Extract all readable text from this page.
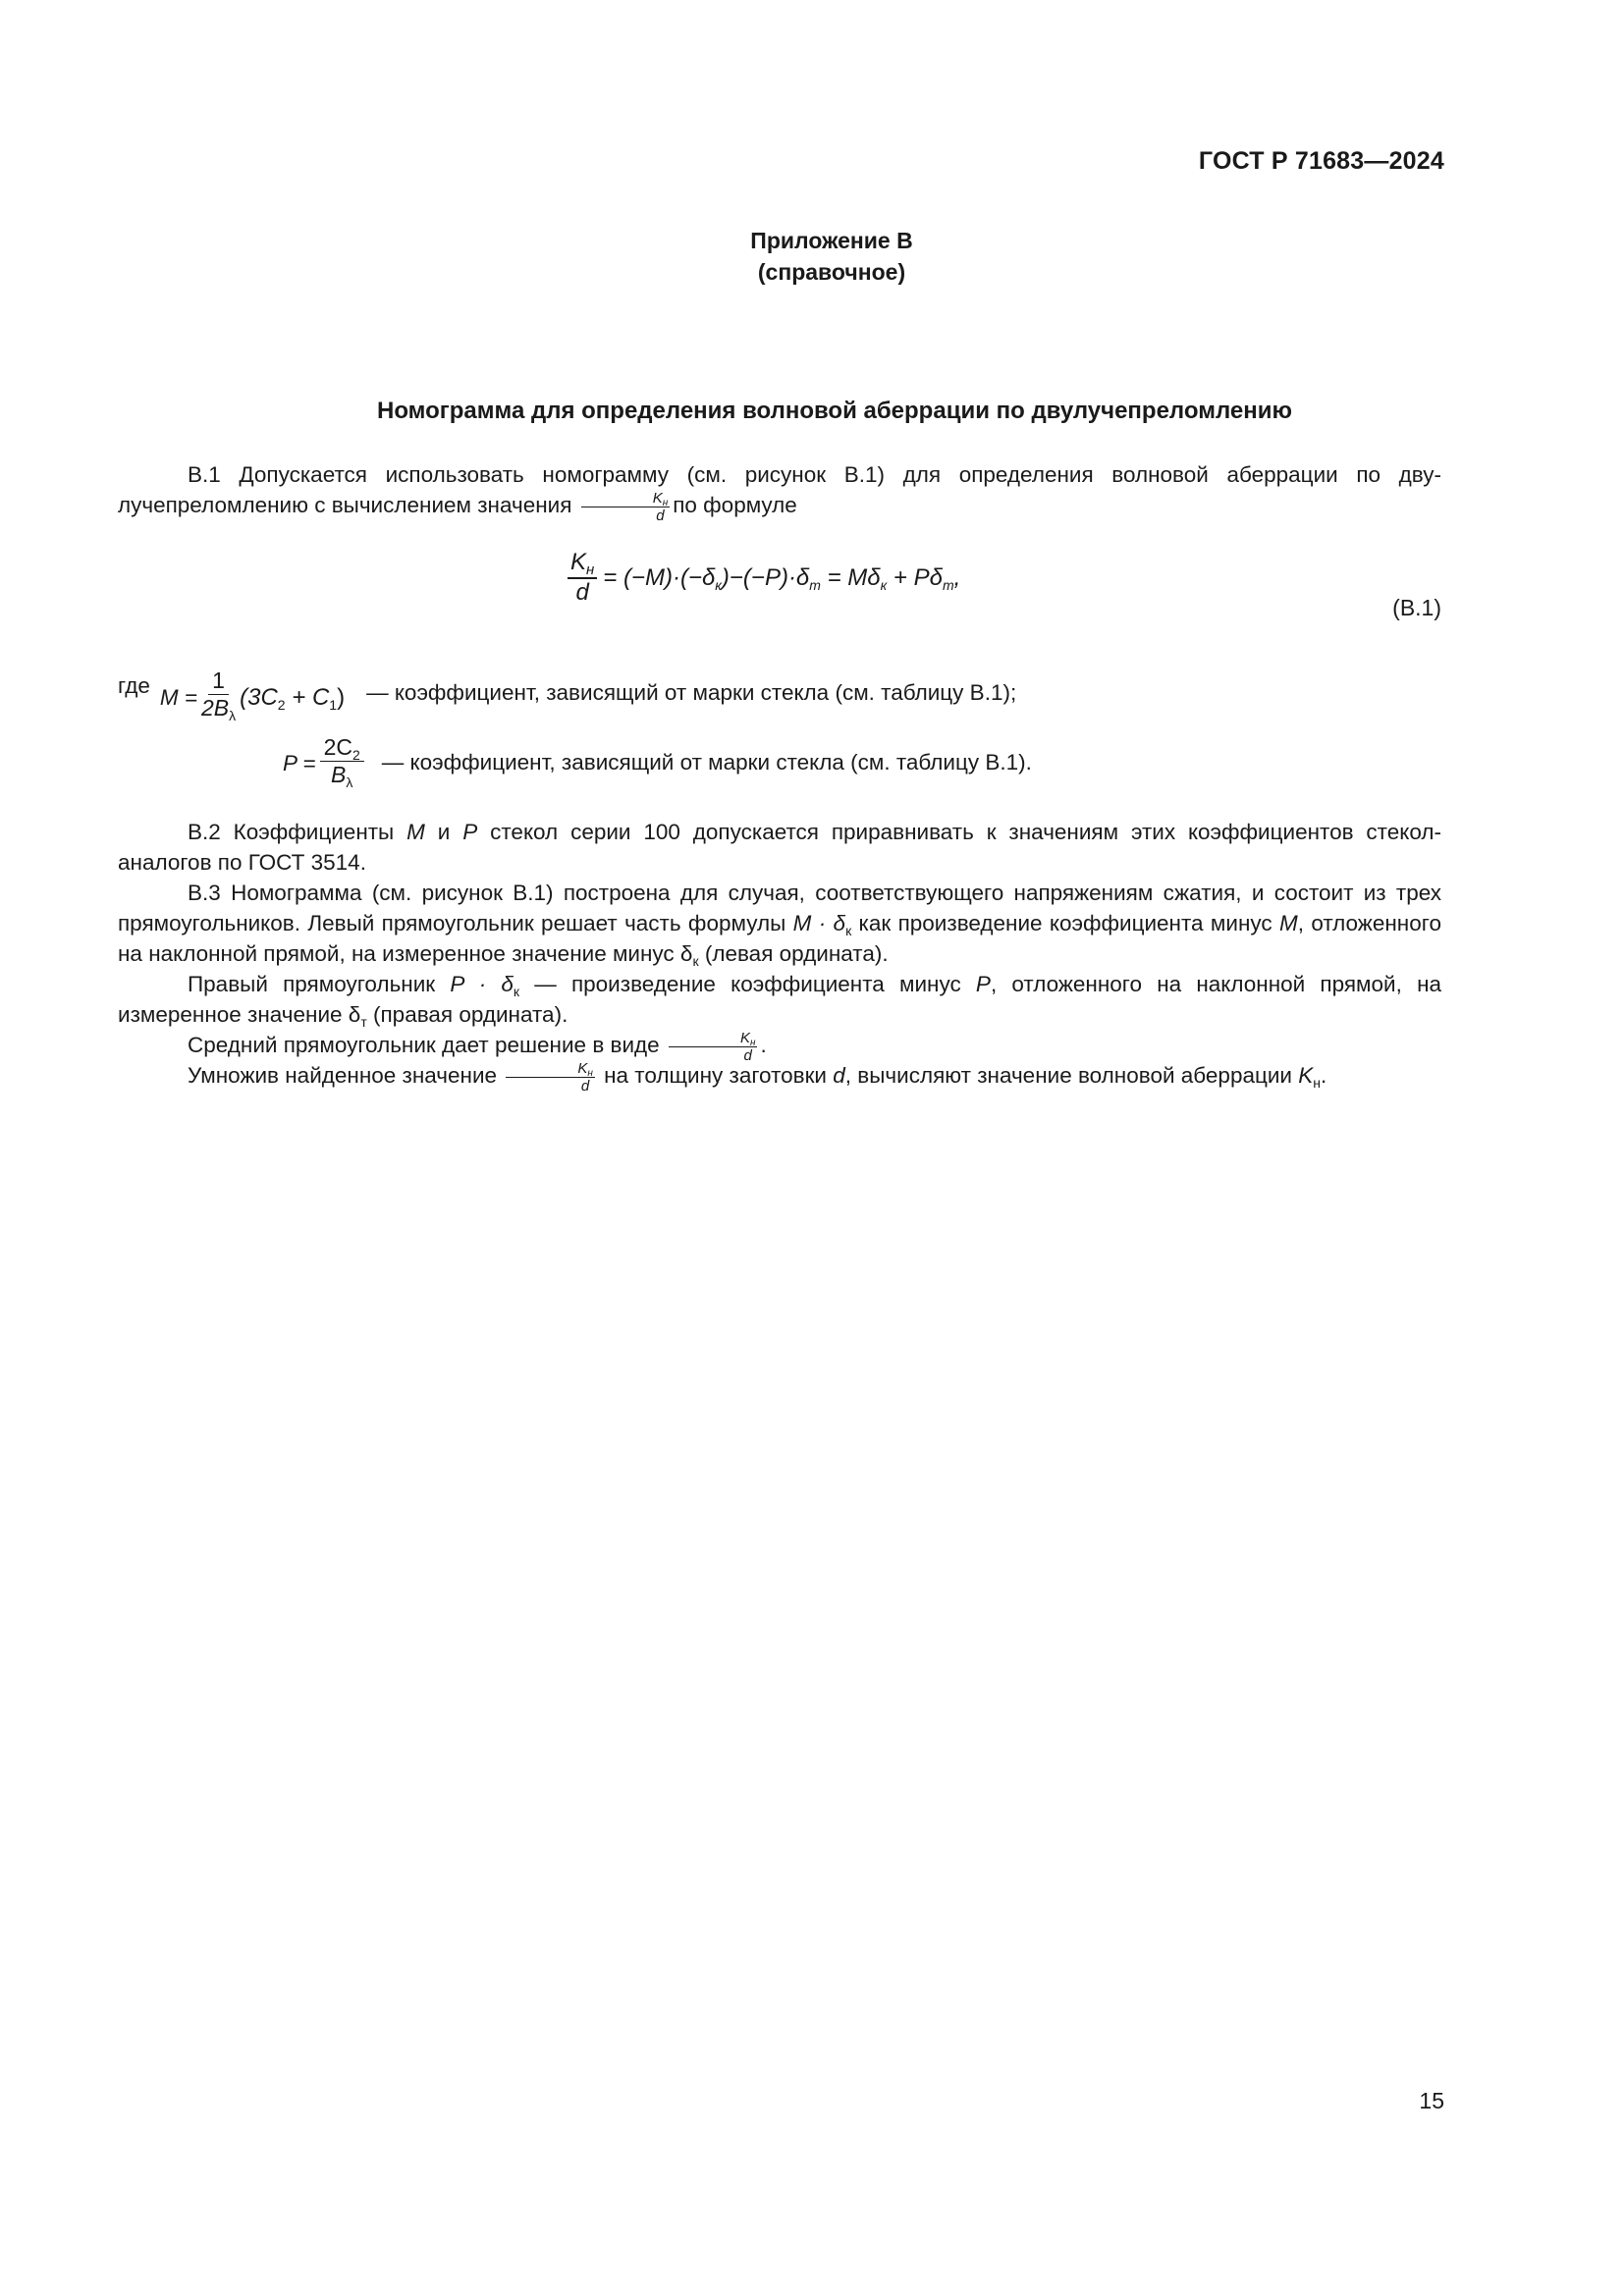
ГОСТ Р 71683—2024
Приложение В
(справочное)
Номограмма для определения волновой аберрации по двулучепреломлению
В.1 Допускается использовать номограмму (см. рисунок В.1) для определения волновой аберрации по дву-лучепреломлению с вычислением значения $\frac{K_н}{d}$ по формуле
$\frac{K_н}{d} = (-M)\cdot(-\delta_к)-(-P)\cdot\delta_т = M\delta_к + P\delta_т$,
(В.1)
где $M = \frac{1}{2B_\lambda} (3C_2 + C_1)$ — коэффициент, зависящий от марки стекла (см. таблицу В.1);
$P = \frac{2C_2}{B_\lambda}$ — коэффициент, зависящий от марки стекла (см. таблицу В.1).
В.2 Коэффициенты M и P стекол серии 100 допускается приравнивать к значениям этих коэффициентов стекол-аналогов по ГОСТ 3514.
В.3 Номограмма (см. рисунок В.1) построена для случая, соответствующего напряжениям сжатия, и состоит из трех прямоугольников. Левый прямоугольник решает часть формулы $M \cdot \delta_к$ как произведение коэффициента минус M, отложенного на наклонной прямой, на измеренное значение минус $\delta_к$ (левая ордината).
Правый прямоугольник $P \cdot \delta_к$ — произведение коэффициента минус P, отложенного на наклонной прямой, на измеренное значение $\delta_т$ (правая ордината).
Средний прямоугольник дает решение в виде $\frac{K_н}{d}$ .
Умножив найденное значение $\frac{K_н}{d}$ на толщину заготовки d, вычисляют значение волновой аберрации $K_н$.
15
